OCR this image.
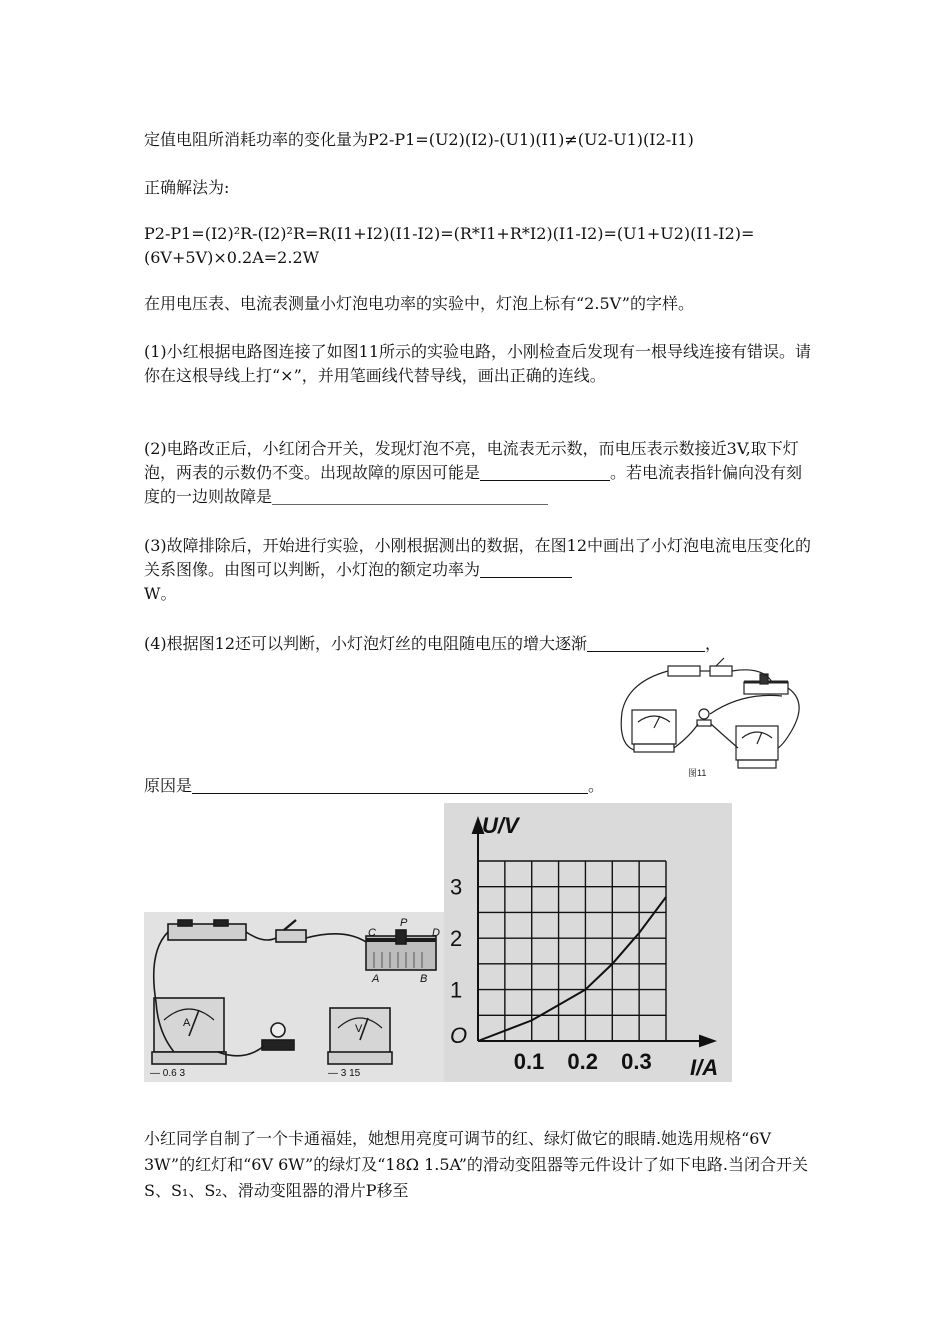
定值电阻所消耗功率的变化量为P2-P1=(U2)(I2)-(U1)(I1)≠(U2-U1)(I2-I1)

正确解法为:

P2-P1=(I2)²R-(I2)²R=R(I1+I2)(I1-I2)=(R*I1+R*I2)(I1-I2)=(U1+U2)(I1-I2)=(6V+5V)×0.2A=2.2W

在用电压表、电流表测量小灯泡电功率的实验中，灯泡上标有“2.5V”的字样。

(1)小红根据电路图连接了如图11所示的实验电路，小刚检查后发现有一根导线连接有错误。请你在这根导线上打“×”，并用笔画线代替导线，画出正确的连线。

(2)电路改正后，小红闭合开关，发现灯泡不亮，电流表无示数，而电压表示数接近3V,取下灯泡，两表的示数仍不变。出现故障的原因可能是	。若电流表指针偏向没有刻度的一边则故障是

(3)故障排除后，开始进行实验，小刚根据测出的数据，在图12中画出了小灯泡电流电压变化的关系图像。由图可以判断，小灯泡的额定功率为
W。

(4)根据图12还可以判断，小灯泡灯丝的电阻随电压的增大逐渐	，

原因是	。

小红同学自制了一个卡通福娃，她想用亮度可调节的红、绿灯做它的眼睛.她选用规格“6V 3W”的红灯和“6V 6W”的绿灯及“18Ω 1.5A”的滑动变阻器等元件设计了如下电路.当闭合开关S、S₁、S₂、滑动变阻器的滑片P移至

图11
C
P
D
A	B
A	V
— 0.6 3	— 3 15	0.1 0.2 0.3
1
2
3
U/V
I/A
O
